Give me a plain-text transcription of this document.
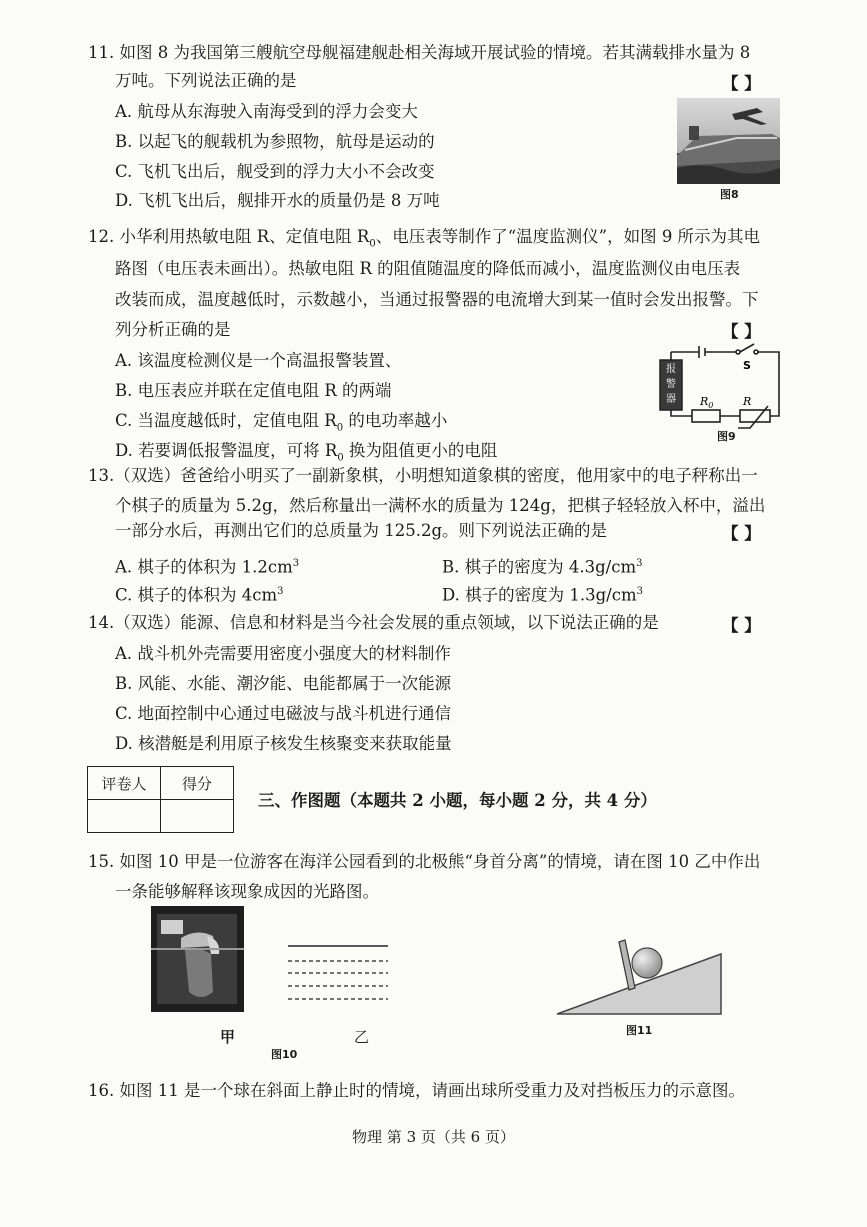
11. 如图 8 为我国第三艘航空母舰福建舰赴相关海域开展试验的情境。若其满载排水量为 8
万吨。下列说法正确的是	【 】
A. 航母从东海驶入南海受到的浮力会变大
B. 以起飞的舰载机为参照物，航母是运动的
C. 飞机飞出后，舰受到的浮力大小不会改变
D. 飞机飞出后，舰排开水的质量仍是 8 万吨	图8
12. 小华利用热敏电阻 R、定值电阻 $R_0$、电压表等制作了“温度监测仪”，如图 9 所示为其电
路图（电压表未画出）。热敏电阻 R 的阻值随温度的降低而减小，温度监测仪由电压表
改装而成，温度越低时，示数越小，当通过报警器的电流增大到某一值时会发出报警。下
列分析正确的是	【 】
A. 该温度检测仪是一个高温报警装置、
B. 电压表应并联在定值电阻 R 的两端
C. 当温度越低时，定值电阻 $R_0$ 的电功率越小
D. 若要调低报警温度，可将 $R_0$ 换为阻值更小的电阻
报
警
器
S
$R_0$	R
图9
13.（双选）爸爸给小明买了一副新象棋，小明想知道象棋的密度，他用家中的电子秤称出一
个棋子的质量为 5.2g，然后称量出一满杯水的质量为 124g，把棋子轻轻放入杯中，溢出
一部分水后，再测出它们的总质量为 125.2g。则下列说法正确的是	【 】
A. 棋子的体积为 $1.2cm^3$	B. 棋子的密度为 $4.3g/cm^3$
C. 棋子的体积为 $4cm^3$	D. 棋子的密度为 $1.3g/cm^3$
14.（双选）能源、信息和材料是当今社会发展的重点领域，以下说法正确的是	【 】
A. 战斗机外壳需要用密度小强度大的材料制作
B. 风能、水能、潮汐能、电能都属于一次能源
C. 地面控制中心通过电磁波与战斗机进行通信
D. 核潜艇是利用原子核发生核聚变来获取能量
评卷人	得分

三、作图题（本题共 2 小题，每小题 2 分，共 4 分）
15. 如图 10 甲是一位游客在海洋公园看到的北极熊“身首分离”的情境，请在图 10 乙中作出
一条能够解释该现象成因的光路图。
甲	乙
图10
图11
16. 如图 11 是一个球在斜面上静止时的情境，请画出球所受重力及对挡板压力的示意图。
物理 第 3 页（共 6 页）
